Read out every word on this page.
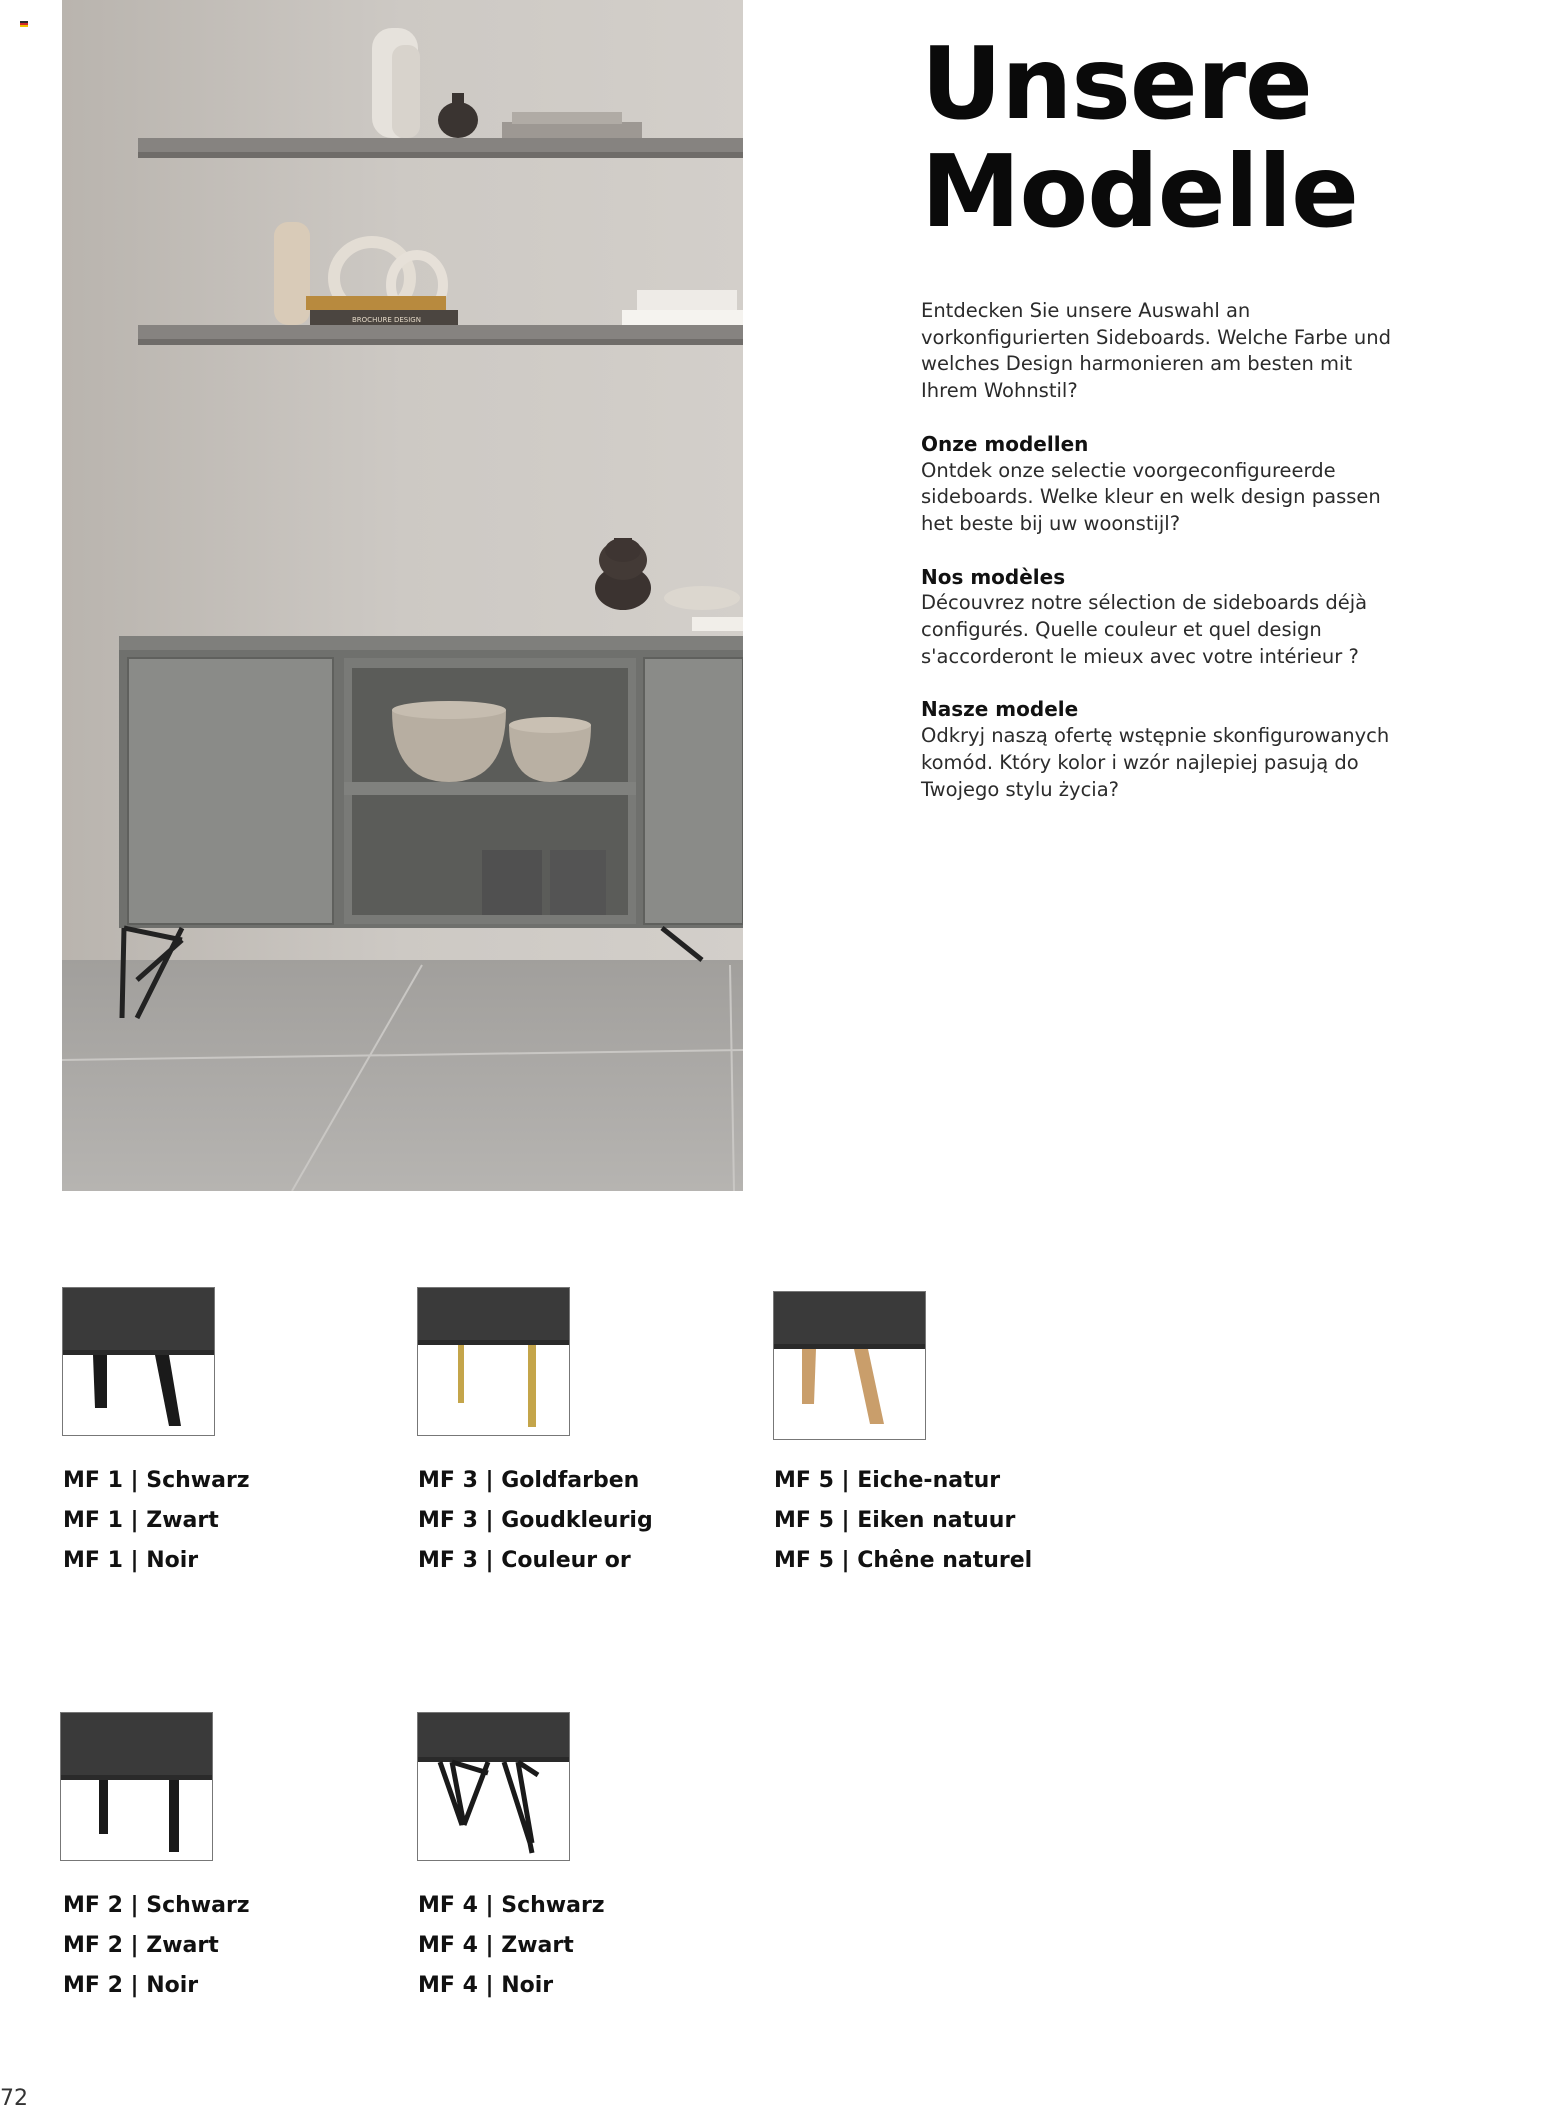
BROCHURE DESIGN
Unsere
Modelle

Entdecken Sie unsere Auswahl an vorkonfigurierten Sideboards. Welche Farbe und welches Design harmonieren am besten mit Ihrem Wohnstil?

Onze modellen

Ontdek onze selectie voorgeconfigureerde sideboards. Welke kleur en welk design passen het beste bij uw woonstijl?

Nos modèles

Découvrez notre sélection de sideboards déjà configurés. Quelle couleur et quel design s'accorderont le mieux avec votre intérieur ?

Nasze modele

Odkryj naszą ofertę wstępnie skonfigurowanych komód. Który kolor i wzór najlepiej pasują do Twojego stylu życia?

MF 1 | Schwarz
MF 1 | Zwart
MF 1 | Noir
MF 3 | Goldfarben
MF 3 | Goudkleurig
MF 3 | Couleur or
MF 5 | Eiche-natur
MF 5 | Eiken natuur
MF 5 | Chêne naturel
MF 2 | Schwarz
MF 2 | Zwart
MF 2 | Noir
MF 4 | Schwarz
MF 4 | Zwart
MF 4 | Noir
72
